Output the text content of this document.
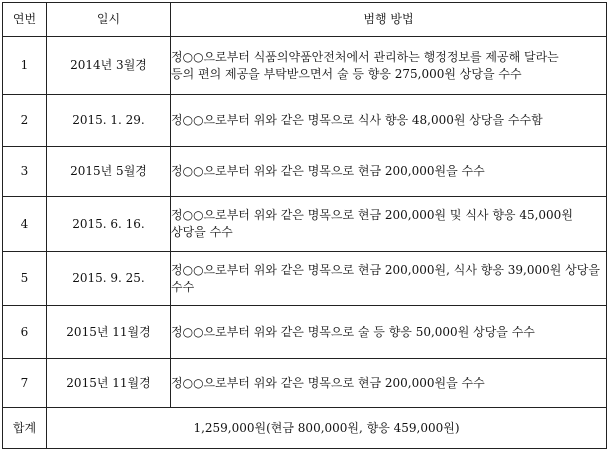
연번	일시	범행 방법
1	2014년 3월경	정○○으로부터 식품의약품안전처에서 관리하는 행정정보를 제공해 달라는
등의 편의 제공을 부탁받으면서 술 등 향응 275,000원 상당을 수수

2	2015. 1. 29.	정○○으로부터 위와 같은 명목으로 식사 향응 48,000원 상당을 수수함

3	2015년 5월경	정○○으로부터 위와 같은 명목으로 현금 200,000원을 수수

4	2015. 6. 16.	정○○으로부터 위와 같은 명목으로 현금 200,000원 및 식사 향응 45,000원
상당을 수수

5	2015. 9. 25.	정○○으로부터 위와 같은 명목으로 현금 200,000원, 식사 향응 39,000원 상당을
수수

6	2015년 11월경	정○○으로부터 위와 같은 명목으로 술 등 향응 50,000원 상당을 수수

7	2015년 11월경	정○○으로부터 위와 같은 명목으로 현금 200,000원을 수수

합계	1,259,000원(현금 800,000원, 향응 459,000원)	
